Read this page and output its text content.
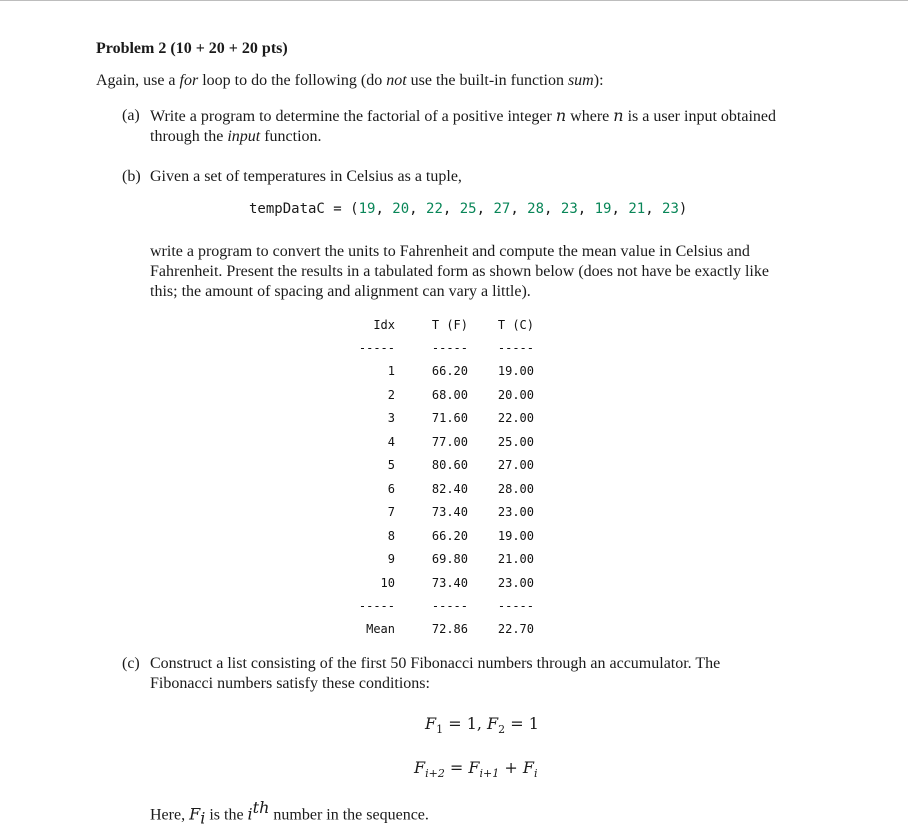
Problem 2 (10 + 20 + 20 pts)
Again, use a for loop to do the following (do not use the built-in function sum):
(a) Write a program to determine the factorial of a positive integer n where n is a user input obtained
through the input function.
(b) Given a set of temperatures in Celsius as a tuple,
tempDataC = (19, 20, 22, 25, 27, 28, 23, 19, 21, 23)
write a program to convert the units to Fahrenheit and compute the mean value in Celsius and
Fahrenheit. Present the results in a tabulated form as shown below (does not have be exactly like
this; the amount of spacing and alignment can vary a little).
Idx	T (F)	T (C)
-----	-----	-----
1	66.20	19.00
2	68.00	20.00
3	71.60	22.00
4	77.00	25.00
5	80.60	27.00
6	82.40	28.00
7	73.40	23.00
8	66.20	19.00
9	69.80	21.00
10	73.40	23.00
-----	-----	-----
Mean	72.86	22.70
(c) Construct a list consisting of the first 50 Fibonacci numbers through an accumulator. The
Fibonacci numbers satisfy these conditions:
$F_1 = 1$, $F_2 = 1$
$F_{i+2} = F_{i+1} + F_i$
Here, $F_i$ is the $i^{th}$ number in the sequence.
